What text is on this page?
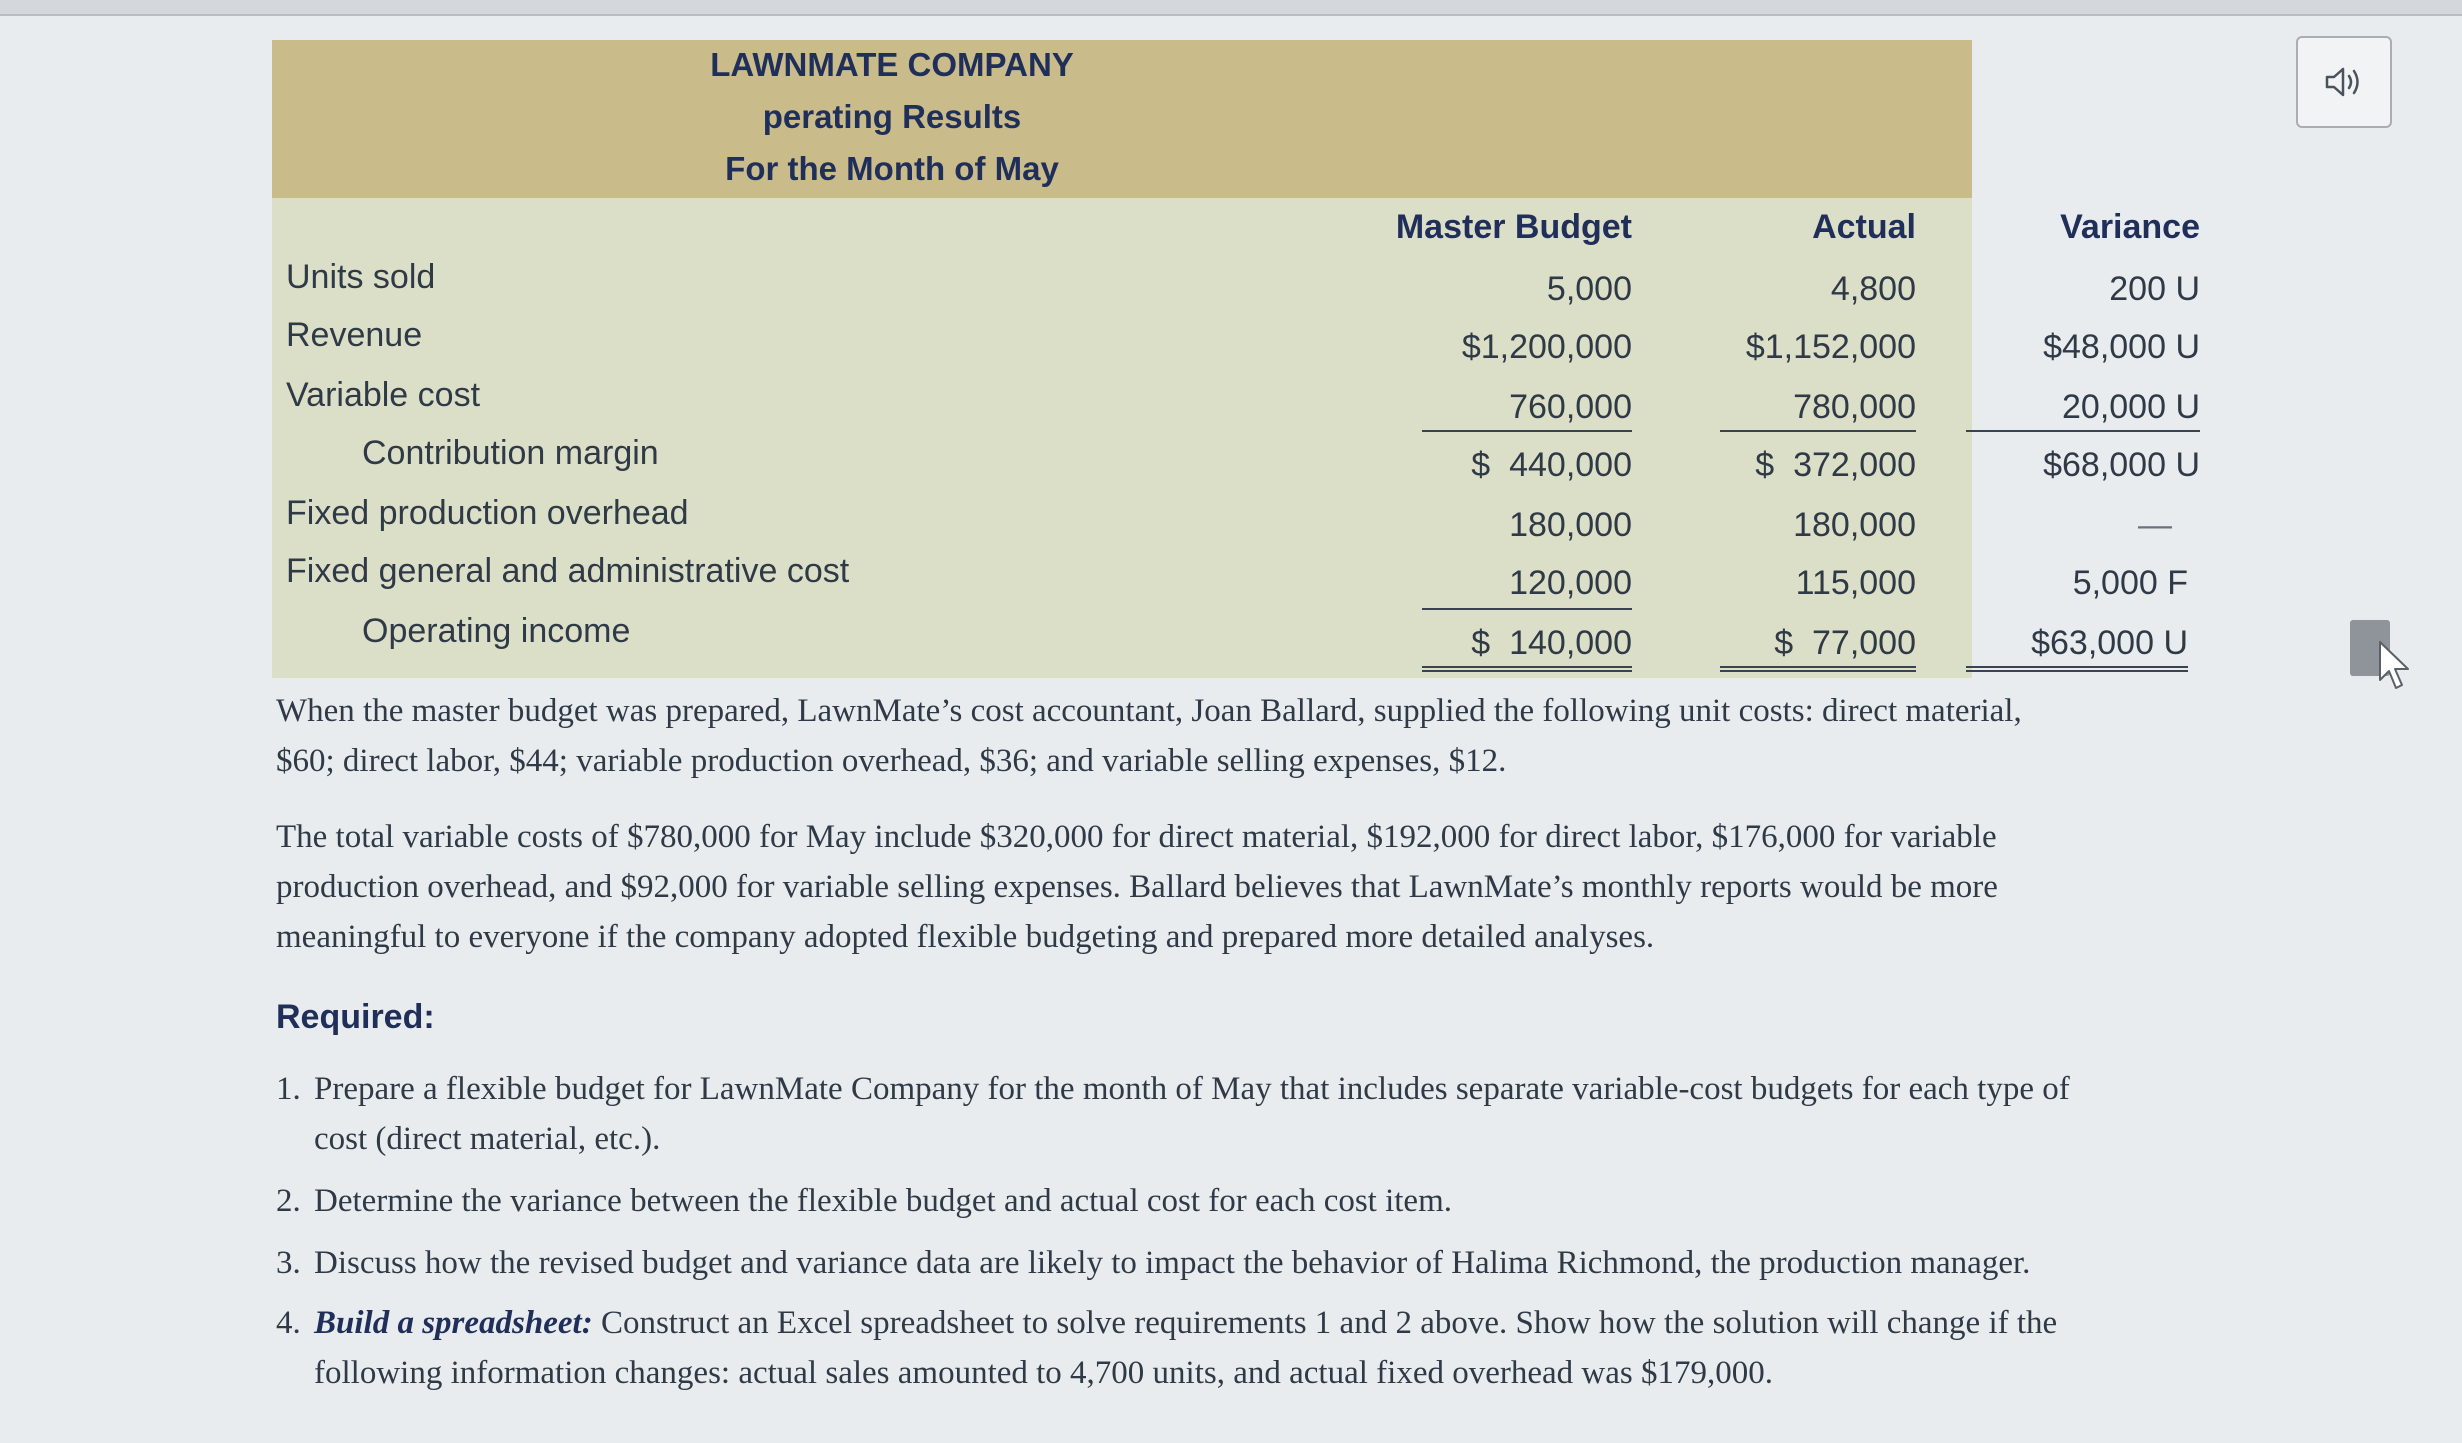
LAWNMATE COMPANY
perating Results
For the Month of May
Master Budget	Actual	Variance
Units sold	5,000	4,800	200 U
Revenue	$1,200,000	$1,152,000	$48,000 U
Variable cost	760,000	780,000	20,000 U
Contribution margin	$  440,000	$  372,000	$68,000 U
Fixed production overhead	180,000	180,000	—
Fixed general and administrative cost	120,000	115,000	5,000 F
Operating income	$  140,000	$  77,000	$63,000 U
When the master budget was prepared, LawnMate’s cost accountant, Joan Ballard, supplied the following unit costs: direct material,
$60; direct labor, $44; variable production overhead, $36; and variable selling expenses, $12.
The total variable costs of $780,000 for May include $320,000 for direct material, $192,000 for direct labor, $176,000 for variable
production overhead, and $92,000 for variable selling expenses. Ballard believes that LawnMate’s monthly reports would be more
meaningful to everyone if the company adopted flexible budgeting and prepared more detailed analyses.
Required:
1. Prepare a flexible budget for LawnMate Company for the month of May that includes separate variable-cost budgets for each type of
cost (direct material, etc.).
2. Determine the variance between the flexible budget and actual cost for each cost item.
3. Discuss how the revised budget and variance data are likely to impact the behavior of Halima Richmond, the production manager.
4. Build a spreadsheet: Construct an Excel spreadsheet to solve requirements 1 and 2 above. Show how the solution will change if the
following information changes: actual sales amounted to 4,700 units, and actual fixed overhead was $179,000.
